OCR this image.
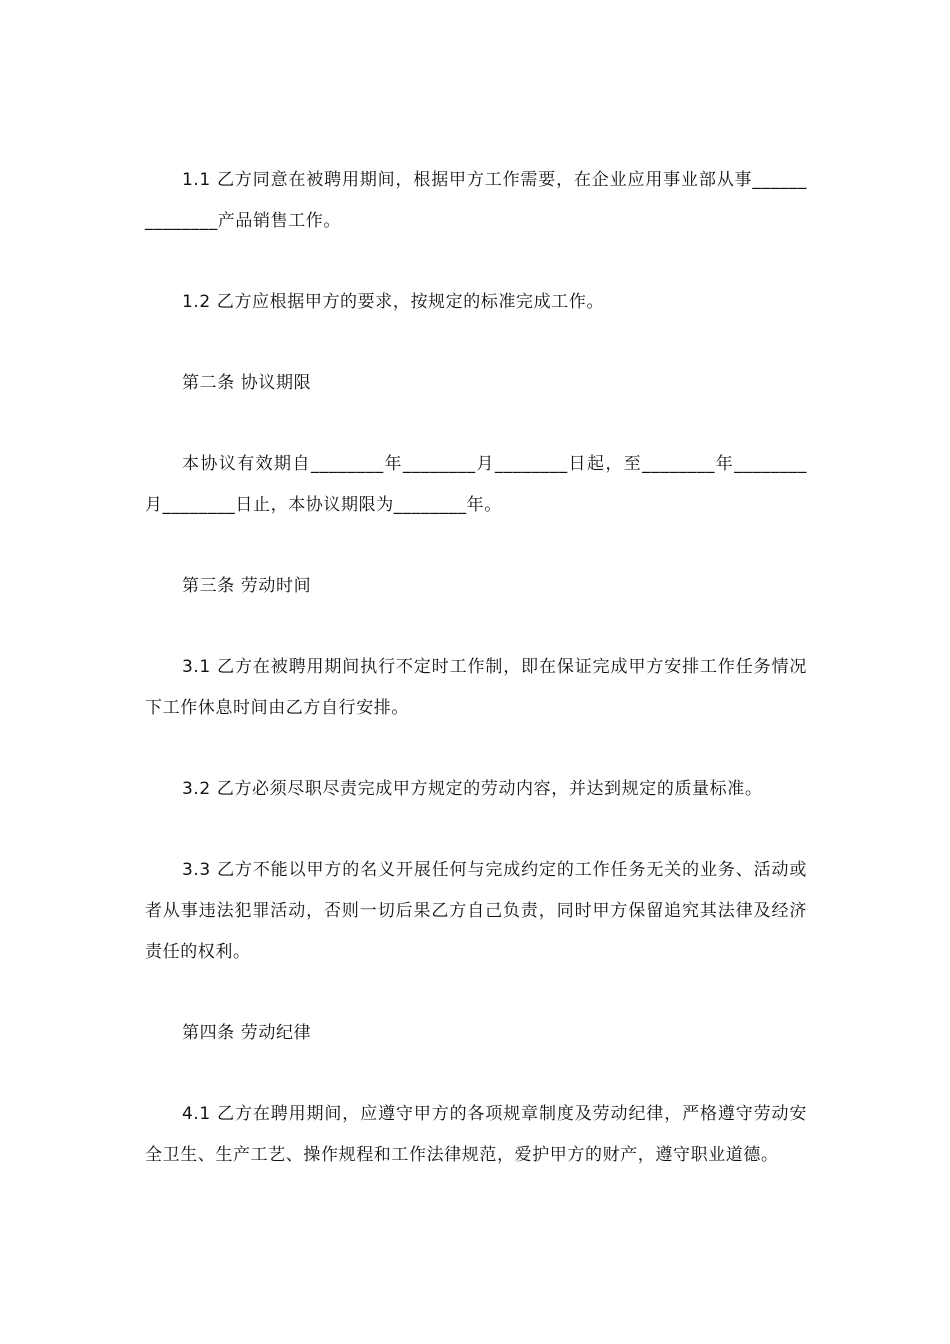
1.1 乙方同意在被聘用期间，根据甲方工作需要，在企业应用事业部从事______________产品销售工作。

1.2 乙方应根据甲方的要求，按规定的标准完成工作。

第二条 协议期限

本协议有效期自________年________月________日起，至________年________月________日止，本协议期限为________年。

第三条 劳动时间

3.1 乙方在被聘用期间执行不定时工作制，即在保证完成甲方安排工作任务情况下工作休息时间由乙方自行安排。

3.2 乙方必须尽职尽责完成甲方规定的劳动内容，并达到规定的质量标准。

3.3 乙方不能以甲方的名义开展任何与完成约定的工作任务无关的业务、活动或者从事违法犯罪活动，否则一切后果乙方自己负责，同时甲方保留追究其法律及经济责任的权利。

第四条 劳动纪律

4.1 乙方在聘用期间，应遵守甲方的各项规章制度及劳动纪律，严格遵守劳动安全卫生、生产工艺、操作规程和工作法律规范，爱护甲方的财产，遵守职业道德。
